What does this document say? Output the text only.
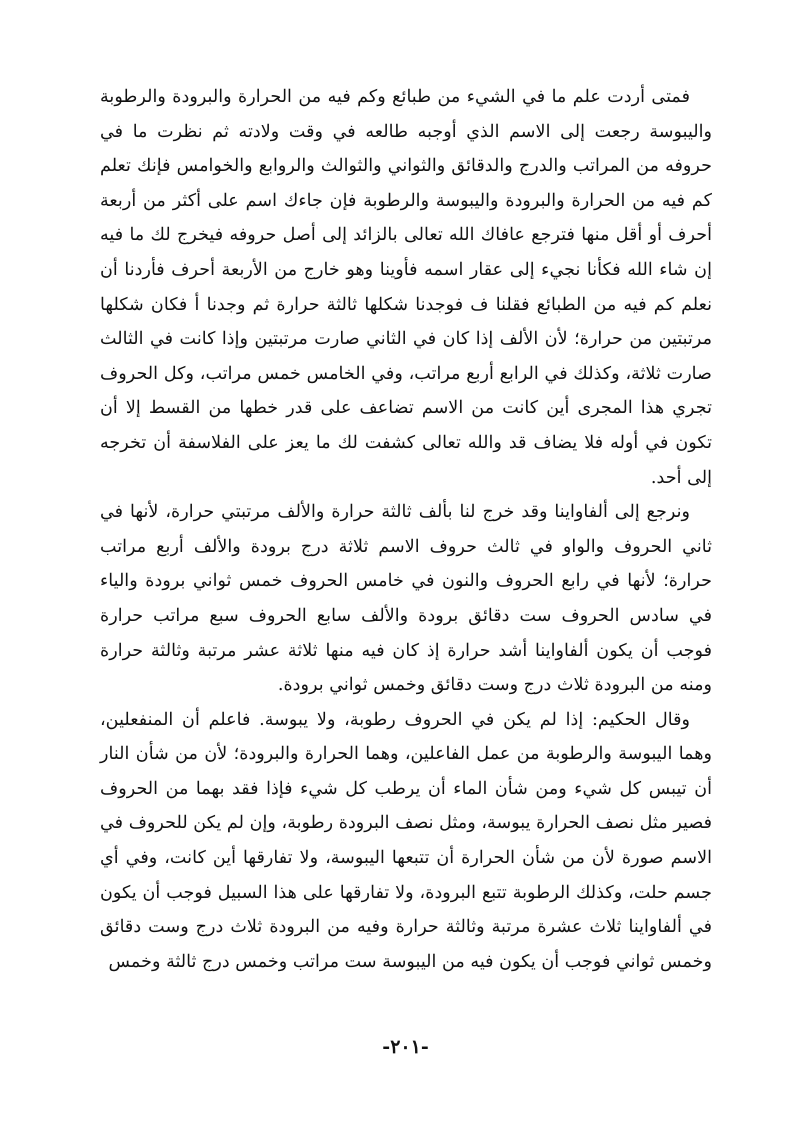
فمتى أردت علم ما في الشيء من طبائع وكم فيه من الحرارة والبرودة والرطوبة واليبوسة رجعت إلى الاسم الذي أوجبه طالعه في وقت ولادته ثم نظرت ما في حروفه من المراتب والدرج والدقائق والثواني والثوالث والروابع والخوامس فإنك تعلم كم فيه من الحرارة والبرودة واليبوسة والرطوبة فإن جاءك اسم على أكثر من أربعة أحرف أو أقل منها فترجع عافاك الله تعالى بالزائد إلى أصل حروفه فيخرج لك ما فيه إن شاء الله فكأنا نجيء إلى عقار اسمه فأوينا وهو خارج من الأربعة أحرف فأردنا أن نعلم كم فيه من الطبائع فقلنا ف فوجدنا شكلها ثالثة حرارة ثم وجدنا أ فكان شكلها مرتبتين من حرارة؛ لأن الألف إذا كان في الثاني صارت مرتبتين وإذا كانت في الثالث صارت ثلاثة، وكذلك في الرابع أربع مراتب، وفي الخامس خمس مراتب، وكل الحروف تجري هذا المجرى أين كانت من الاسم تضاعف على قدر خطها من القسط إلا أن تكون في أوله فلا يضاف قد والله تعالى كشفت لك ما يعز على الفلاسفة أن تخرجه إلى أحد.

ونرجع إلى ألفاواينا وقد خرج لنا بألف ثالثة حرارة والألف مرتبتي حرارة، لأنها في ثاني الحروف والواو في ثالث حروف الاسم ثلاثة درج برودة والألف أربع مراتب حرارة؛ لأنها في رابع الحروف والنون في خامس الحروف خمس ثواني برودة والياء في سادس الحروف ست دقائق برودة والألف سابع الحروف سبع مراتب حرارة فوجب أن يكون ألفاواينا أشد حرارة إذ كان فيه منها ثلاثة عشر مرتبة وثالثة حرارة ومنه من البرودة ثلاث درج وست دقائق وخمس ثواني برودة.

وقال الحكيم: إذا لم يكن في الحروف رطوبة، ولا يبوسة. فاعلم أن المنفعلين، وهما اليبوسة والرطوبة من عمل الفاعلين، وهما الحرارة والبرودة؛ لأن من شأن النار أن تيبس كل شيء ومن شأن الماء أن يرطب كل شيء فإذا فقد بهما من الحروف فصير مثل نصف الحرارة يبوسة، ومثل نصف البرودة رطوبة، وإن لم يكن للحروف في الاسم صورة لأن من شأن الحرارة أن تتبعها اليبوسة، ولا تفارقها أين كانت، وفي أي جسم حلت، وكذلك الرطوبة تتبع البرودة، ولا تفارقها على هذا السبيل فوجب أن يكون في ألفاواينا ثلاث عشرة مرتبة وثالثة حرارة وفيه من البرودة ثلاث درج وست دقائق وخمس ثواني فوجب أن يكون فيه من اليبوسة ست مراتب وخمس درج ثالثة وخمس

-٢٠١-
